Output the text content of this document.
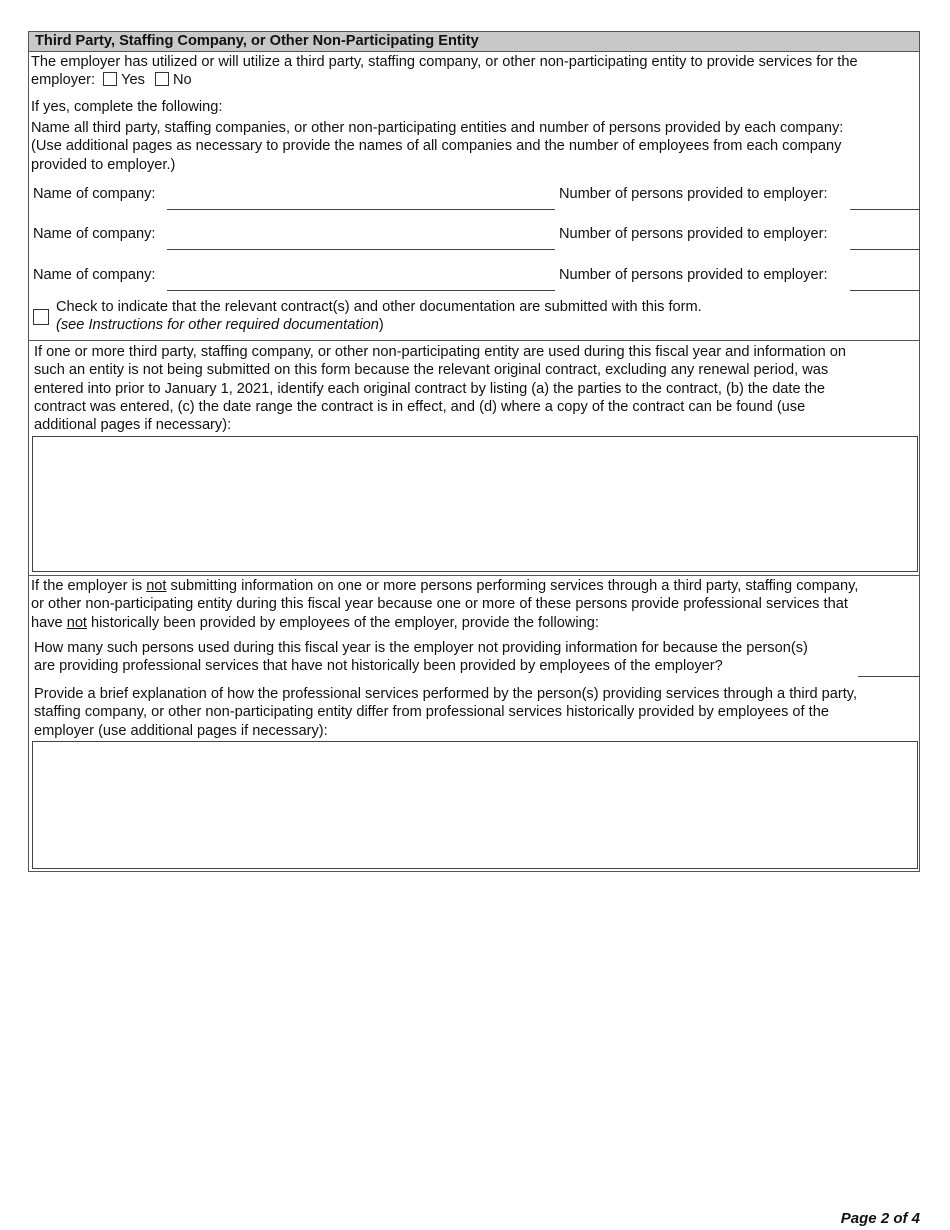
Third Party, Staffing Company, or Other Non-Participating Entity
The employer has utilized or will utilize a third party, staffing company, or other non-participating entity to provide services for the
employer: Yes No
If yes, complete the following:
Name all third party, staffing companies, or other non-participating entities and number of persons provided by each company:
(Use additional pages as necessary to provide the names of all companies and the number of employees from each company
provided to employer.)
Name of company:	Number of persons provided to employer:
Name of company:	Number of persons provided to employer:
Name of company:	Number of persons provided to employer:
Check to indicate that the relevant contract(s) and other documentation are submitted with this form.
(see Instructions for other required documentation)
If one or more third party, staffing company, or other non-participating entity are used during this fiscal year and information on
such an entity is not being submitted on this form because the relevant original contract, excluding any renewal period, was
entered into prior to January 1, 2021, identify each original contract by listing (a) the parties to the contract, (b) the date the
contract was entered, (c) the date range the contract is in effect, and (d) where a copy of the contract can be found (use
additional pages if necessary):
If the employer is not submitting information on one or more persons performing services through a third party, staffing company,
or other non-participating entity during this fiscal year because one or more of these persons provide professional services that
have not historically been provided by employees of the employer, provide the following:
How many such persons used during this fiscal year is the employer not providing information for because the person(s)
are providing professional services that have not historically been provided by employees of the employer?
Provide a brief explanation of how the professional services performed by the person(s) providing services through a third party,
staffing company, or other non-participating entity differ from professional services historically provided by employees of the
employer (use additional pages if necessary):
Page 2 of 4
